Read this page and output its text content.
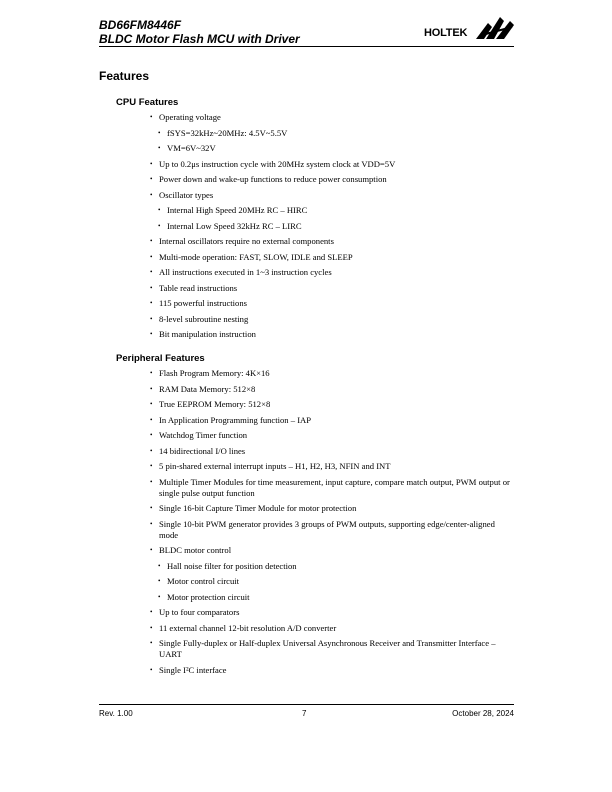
BD66FM8446F
BLDC Motor Flash MCU with Driver	HOLTEK
Features
CPU Features
• Operating voltage
• fSYS=32kHz~20MHz: 4.5V~5.5V
• VM=6V~32V
• Up to 0.2μs instruction cycle with 20MHz system clock at VDD=5V
• Power down and wake-up functions to reduce power consumption
• Oscillator types
• Internal High Speed 20MHz RC – HIRC
• Internal Low Speed 32kHz RC – LIRC
• Internal oscillators require no external components
• Multi-mode operation: FAST, SLOW, IDLE and SLEEP
• All instructions executed in 1~3 instruction cycles
• Table read instructions
• 115 powerful instructions
• 8-level subroutine nesting
• Bit manipulation instruction
Peripheral Features
• Flash Program Memory: 4K×16
• RAM Data Memory: 512×8
• True EEPROM Memory: 512×8
• In Application Programming function – IAP
• Watchdog Timer function
• 14 bidirectional I/O lines
• 5 pin-shared external interrupt inputs – H1, H2, H3, NFIN and INT
• Multiple Timer Modules for time measurement, input capture, compare match output, PWM output or single pulse output function
• Single 16-bit Capture Timer Module for motor protection
• Single 10-bit PWM generator provides 3 groups of PWM outputs, supporting edge/center-aligned mode
• BLDC motor control
• Hall noise filter for position detection
• Motor control circuit
• Motor protection circuit
• Up to four comparators
• 11 external channel 12-bit resolution A/D converter
• Single Fully-duplex or Half-duplex Universal Asynchronous Receiver and Transmitter Interface – UART
• Single I²C interface
Rev. 1.00	7	October 28, 2024
